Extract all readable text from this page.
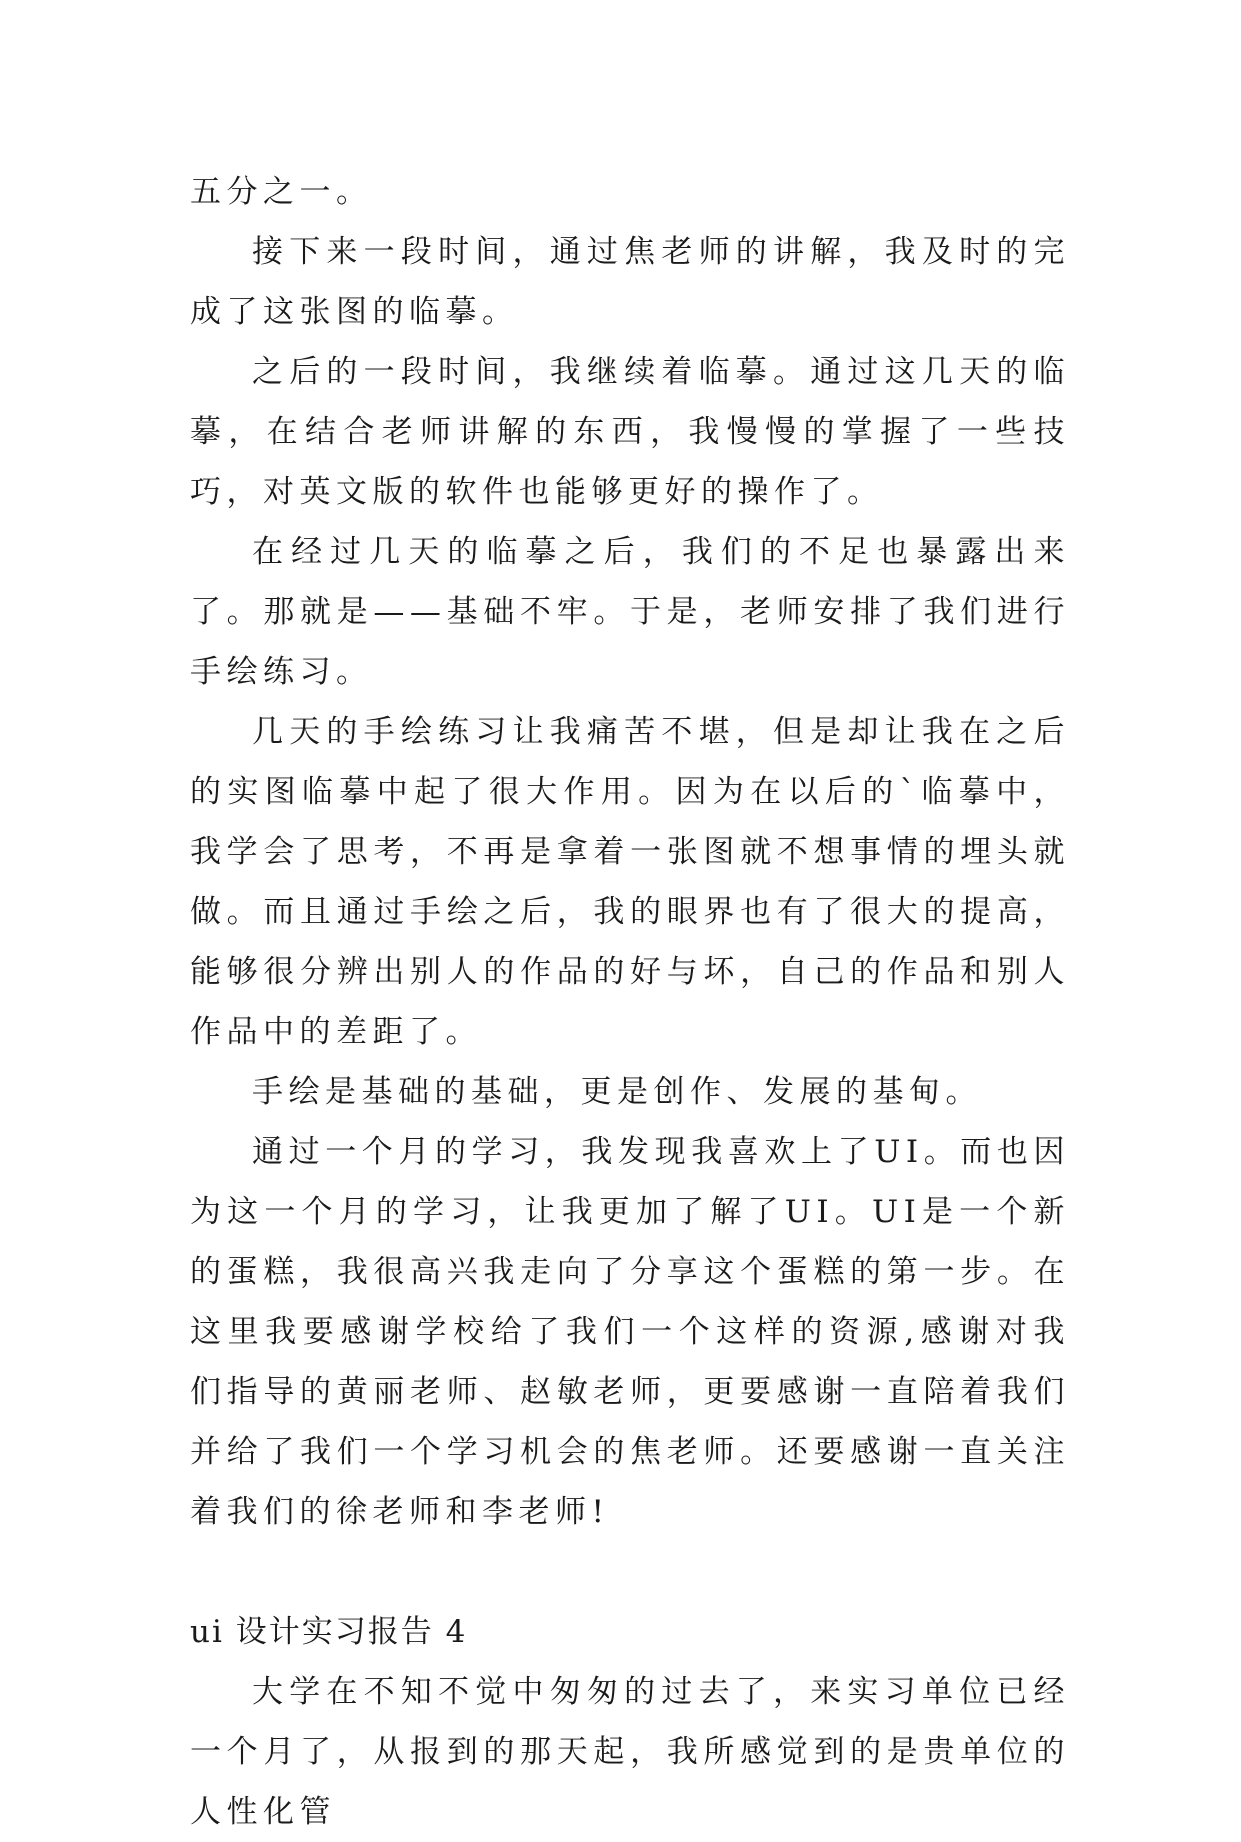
五分之一。

接下来一段时间，通过焦老师的讲解，我及时的完成了这张图的临摹。

之后的一段时间，我继续着临摹。通过这几天的临摹，在结合老师讲解的东西，我慢慢的掌握了一些技巧，对英文版的软件也能够更好的操作了。

在经过几天的临摹之后，我们的不足也暴露出来了。那就是——基础不牢。于是，老师安排了我们进行手绘练习。

几天的手绘练习让我痛苦不堪，但是却让我在之后的实图临摹中起了很大作用。因为在以后的`临摹中，我学会了思考，不再是拿着一张图就不想事情的埋头就做。而且通过手绘之后，我的眼界也有了很大的提高，能够很分辨出别人的作品的好与坏，自己的作品和别人作品中的差距了。

手绘是基础的基础，更是创作、发展的基甸。

通过一个月的学习，我发现我喜欢上了UI。而也因为这一个月的学习，让我更加了解了UI。UI是一个新的蛋糕，我很高兴我走向了分享这个蛋糕的第一步。在这里我要感谢学校给了我们一个这样的资源,感谢对我们指导的黄丽老师、赵敏老师，更要感谢一直陪着我们并给了我们一个学习机会的焦老师。还要感谢一直关注着我们的徐老师和李老师!

ui 设计实习报告 4

大学在不知不觉中匆匆的过去了，来实习单位已经一个月了，从报到的那天起，我所感觉到的是贵单位的人性化管
